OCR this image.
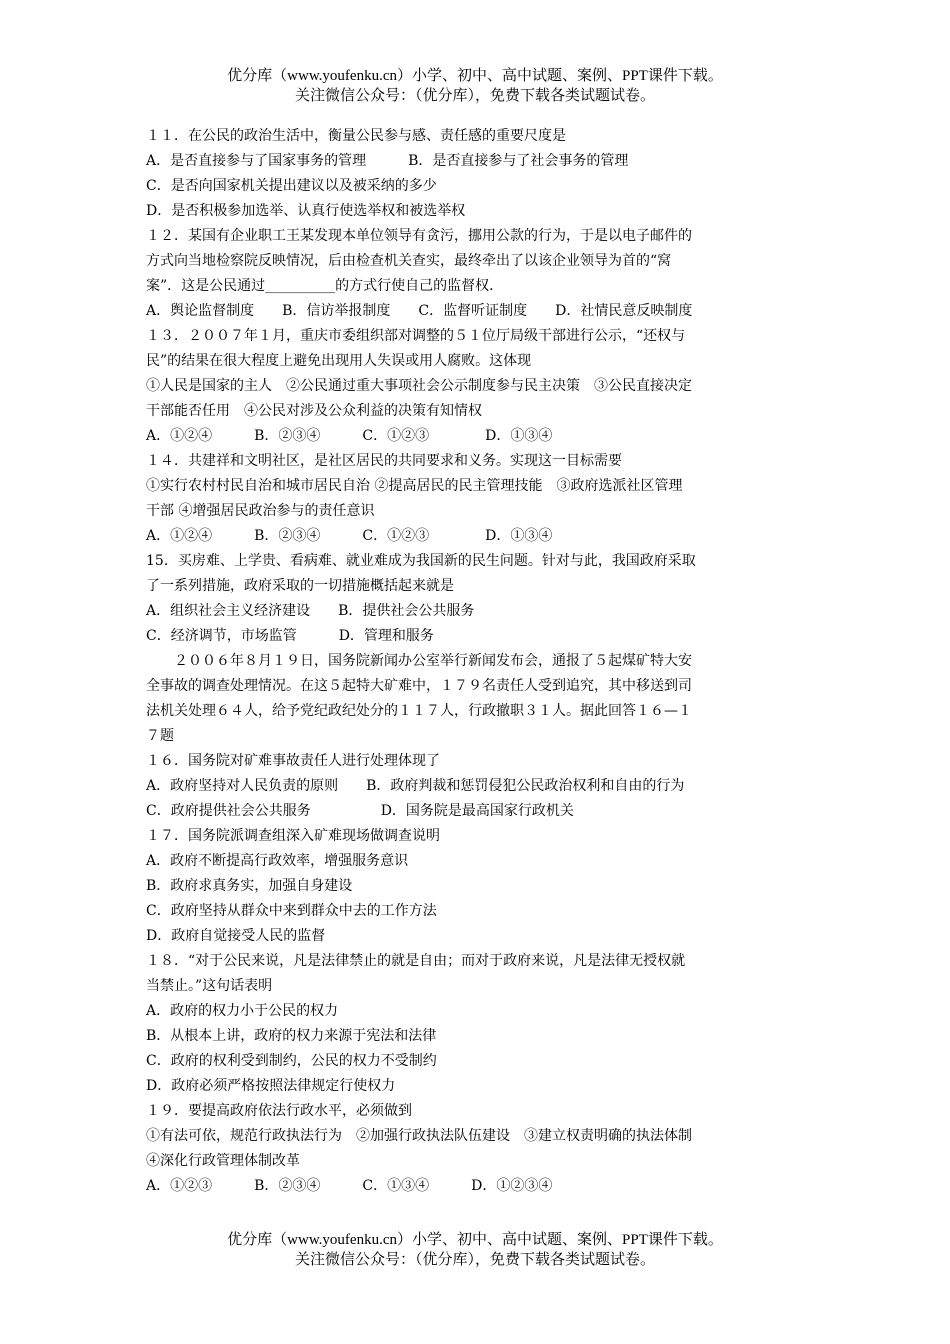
优分库（www.youfenku.cn）小学、初中、高中试题、案例、PPT课件下载。
关注微信公众号：（优分库），免费下载各类试题试卷。
１１．在公民的政治生活中，衡量公民参与感、责任感的重要尺度是
A．是否直接参与了国家事务的管理　　　B．是否直接参与了社会事务的管理
C．是否向国家机关提出建议以及被采纳的多少
D．是否积极参加选举、认真行使选举权和被选举权
１２．某国有企业职工王某发现本单位领导有贪污，挪用公款的行为，于是以电子邮件的
方式向当地检察院反映情况，后由检查机关查实，最终牵出了以该企业领导为首的“窝
案”．这是公民通过__________的方式行使自己的监督权．
A．舆论监督制度　　B．信访举报制度　　C．监督听证制度　　D．社情民意反映制度
１３．２００７年１月，重庆市委组织部对调整的５１位厅局级干部进行公示，“还权与
民”的结果在很大程度上避免出现用人失误或用人腐败。这体现
①人民是国家的主人　②公民通过重大事项社会公示制度参与民主决策　③公民直接决定
干部能否任用　④公民对涉及公众利益的决策有知情权
A．①②④　　　B．②③④　　　C．①②③　　　　D．①③④
１４．共建祥和文明社区，是社区居民的共同要求和义务。实现这一目标需要
①实行农村村民自治和城市居民自治 ②提高居民的民主管理技能　③政府选派社区管理
干部 ④增强居民政治参与的责任意识
A．①②④　　　B．②③④　　　C．①②③　　　　D．①③④
15．买房难、上学贵、看病难、就业难成为我国新的民生问题。针对与此，我国政府采取
了一系列措施，政府采取的一切措施概括起来就是
A．组织社会主义经济建设　　B．提供社会公共服务
C．经济调节，市场监管　　　D．管理和服务
２００６年８月１９日，国务院新闻办公室举行新闻发布会，通报了５起煤矿特大安
全事故的调查处理情况。在这５起特大矿难中，１７９名责任人受到追究，其中移送到司
法机关处理６４人，给予党纪政纪处分的１１７人，行政撤职３１人。据此回答１６—１
７题
１６．国务院对矿难事故责任人进行处理体现了
A．政府坚持对人民负责的原则　　B．政府判裁和惩罚侵犯公民政治权利和自由的行为
C．政府提供社会公共服务　　　　　D．国务院是最高国家行政机关
１７．国务院派调查组深入矿难现场做调查说明
A．政府不断提高行政效率，增强服务意识
B．政府求真务实，加强自身建设
C．政府坚持从群众中来到群众中去的工作方法
D．政府自觉接受人民的监督
１８．“对于公民来说，凡是法律禁止的就是自由；而对于政府来说，凡是法律无授权就
当禁止。”这句话表明
A．政府的权力小于公民的权力
B．从根本上讲，政府的权力来源于宪法和法律
C．政府的权利受到制约，公民的权力不受制约
D．政府必须严格按照法律规定行使权力
１９．要提高政府依法行政水平，必须做到
①有法可依，规范行政执法行为　②加强行政执法队伍建设　③建立权责明确的执法体制
④深化行政管理体制改革
A．①②③　　　B．②③④　　　C．①③④　　　D．①②③④
优分库（www.youfenku.cn）小学、初中、高中试题、案例、PPT课件下载。
关注微信公众号：（优分库），免费下载各类试题试卷。
